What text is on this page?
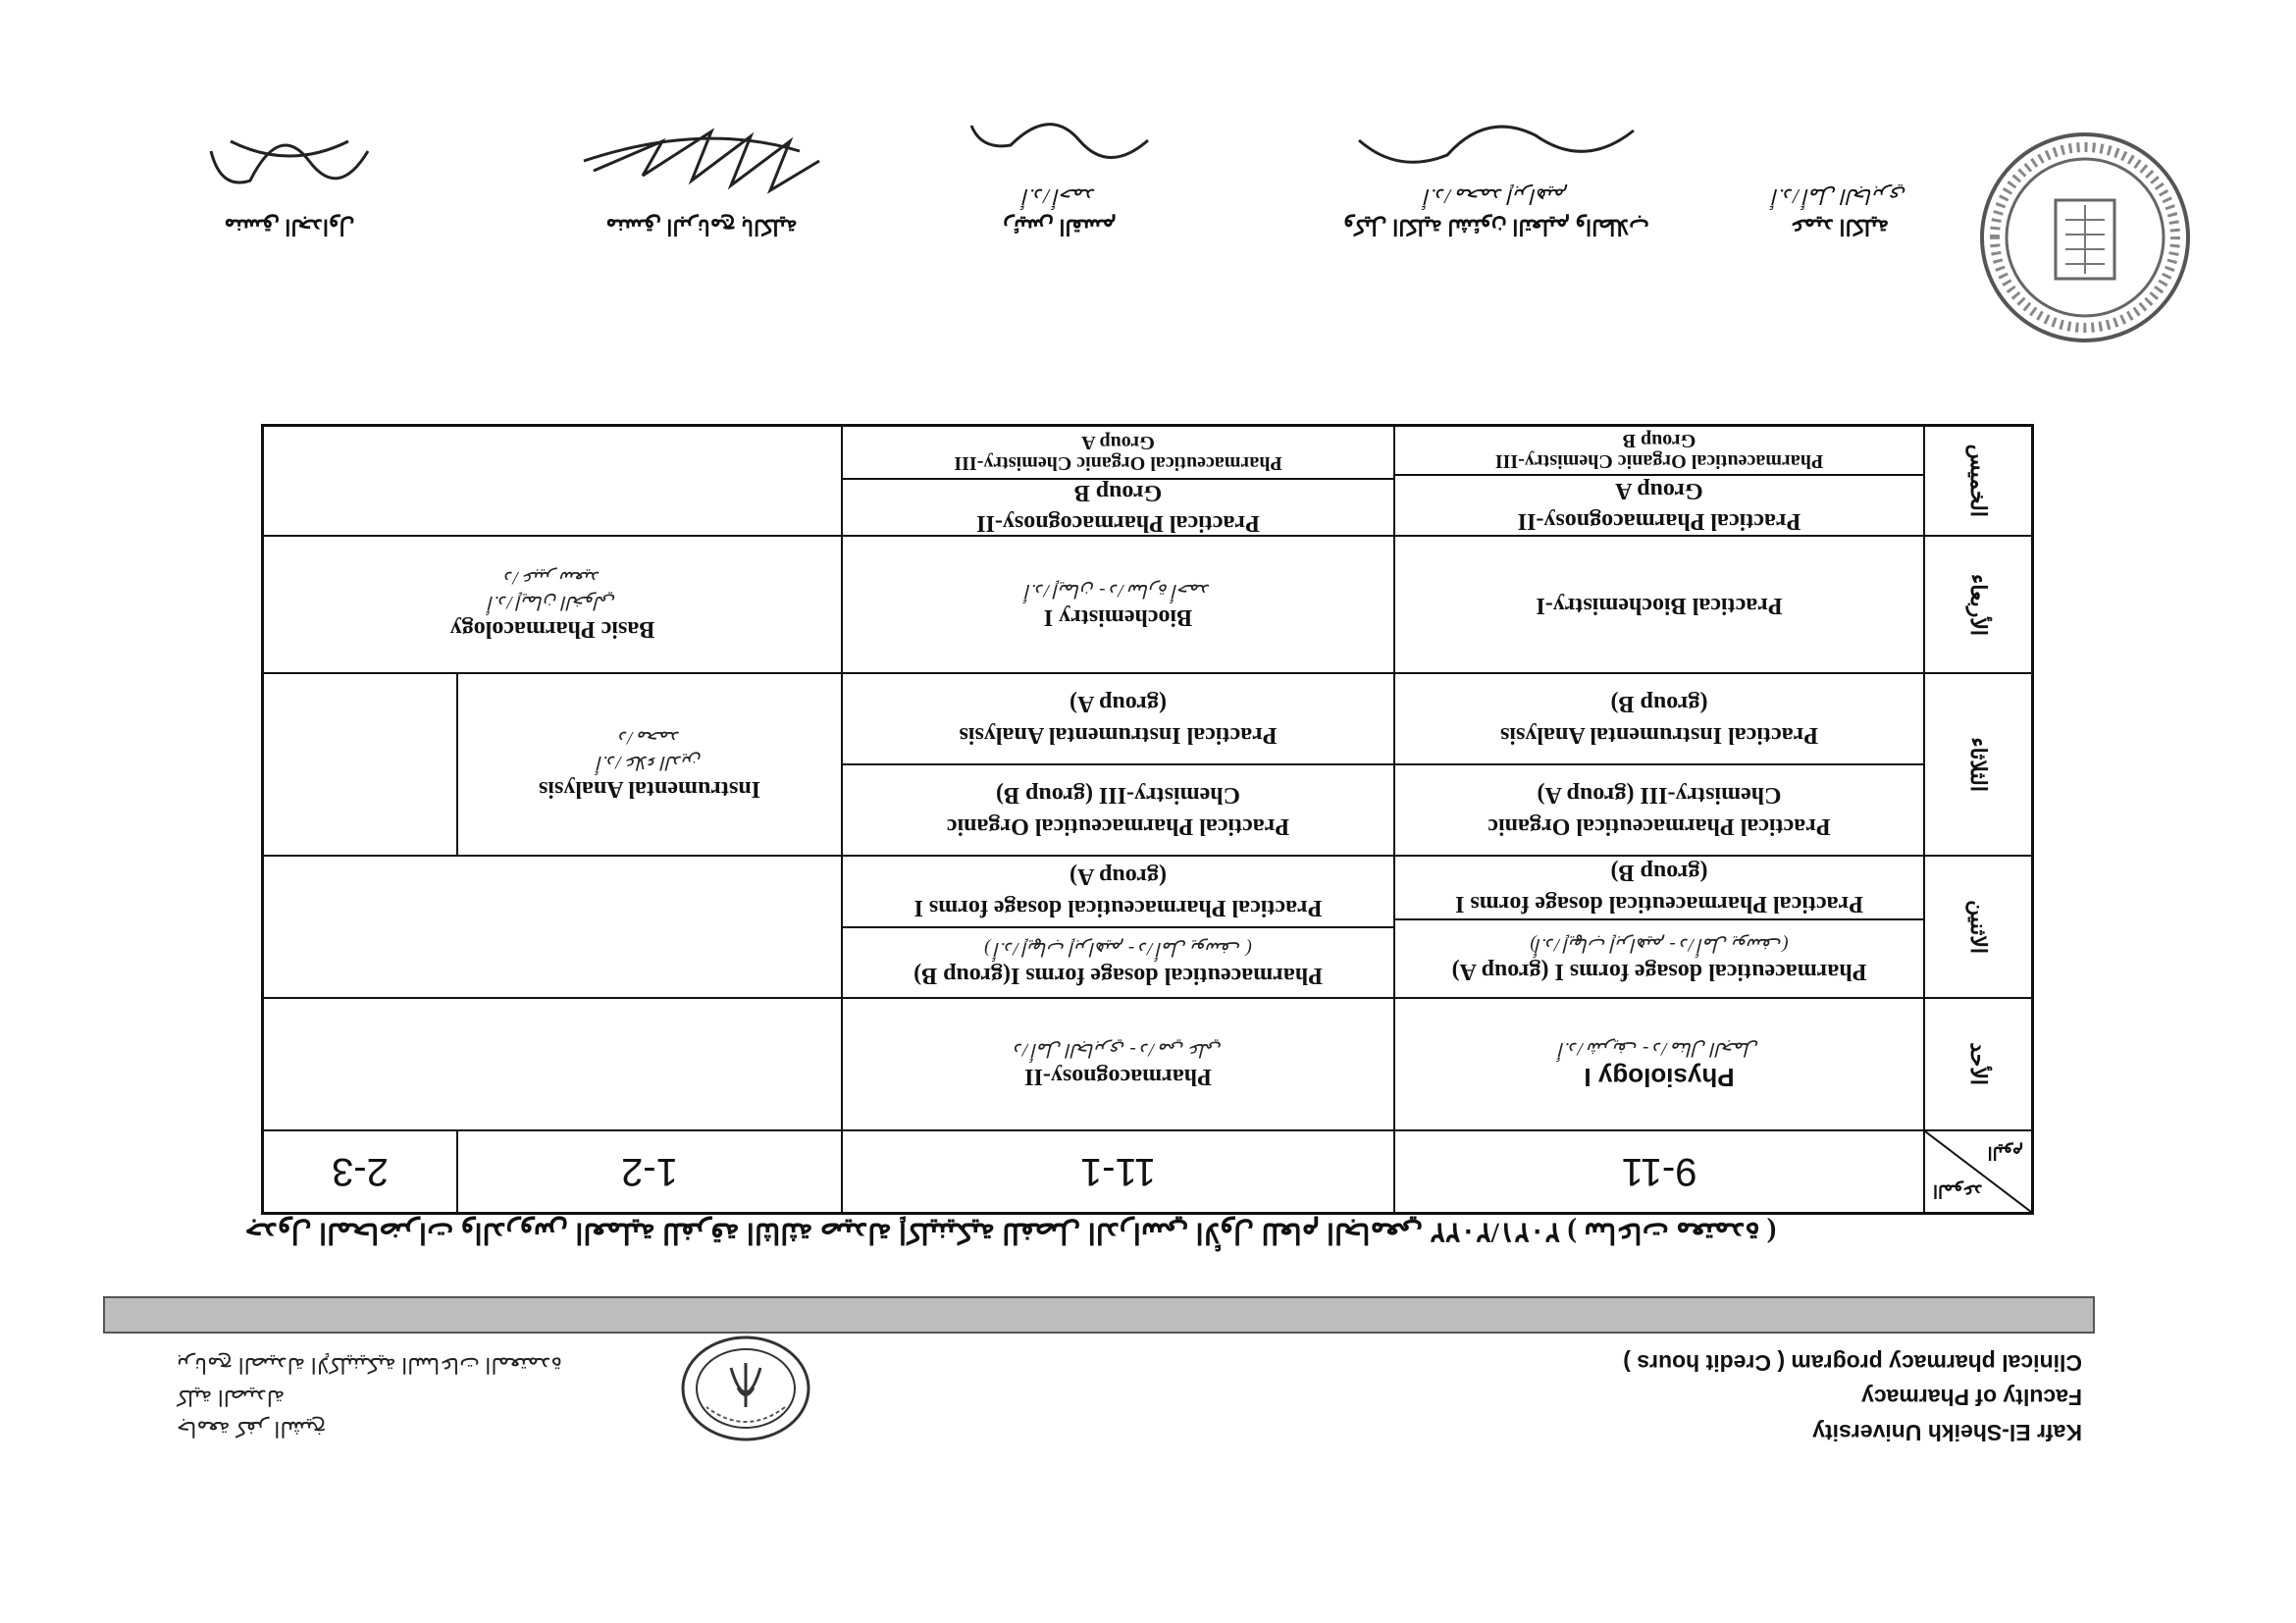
Kafr El-Sheikh University
Faculty of Pharmacy
Clinical pharmacy program ( Credit hours )
جامعة كفر الشيخ
كلية الصيدلة
برنامج الصيدلة الإكلينيكية الساعات المعتمدة
جدول المحاضرات والدروس العملية للفرقة الثالثة صيدلة إكلينيكية للفصل الدراسي الأول للعام الجامعي ٢٠٢١/٢٠٢٢ ( ساعات معتمدة )
الموعد
اليوم
9-11
11-1
1-2
2-3
الأحد
Physiology I
أ.د/ شريف - د/ منال الجمل
Pharmacognosy-II
د/ أمل الجابري - د/ مي علي
الاثنين
Pharmaceutical dosage forms I (group A)
(أ.د/ إيهاب إبراهيم - د/ أمل يوسف)
Practical Pharmaceutical dosage forms I
(group B)
Pharmaceutical dosage forms I(group B)
( أ.د/ إيهاب إبراهيم - د/ أمل يوسف )
Practical Pharmaceutical dosage forms I
(group A)
الثلاثاء
Practical Pharmaceutical Organic
Chemistry-III (group A)
Practical Instrumental Analysis
(group B)
Practical Pharmaceutical Organic
Chemistry-III (group B)
Practical Instrumental Analysis
(group A)
Instrumental Analysis
أ.د/ علاء الدين
د/ محمد
الأربعاء
Practical Biochemistry-I
Biochemistry I
أ.د/ إيمان - د/ سارة أحمد
Basic Pharmacology
أ.د/ إيمان الخولي
د/ عبير سعيد
الخميس
Practical Pharmacognosy-II
Group A
Pharmaceutical Organic Chemistry-III
Group B
Practical Pharmacognosy-II
Group B
Pharmaceutical Organic Chemistry-III
Group A
منسق الجداول	منسق البرنامج بالكلية	رئيس القسم
أ.د/ أحمد
وكيل الكلية لشئون التعليم والطلاب
أ.د/ محمد إبراهيم
عميد الكلية
أ.د/ أمل الجابري
